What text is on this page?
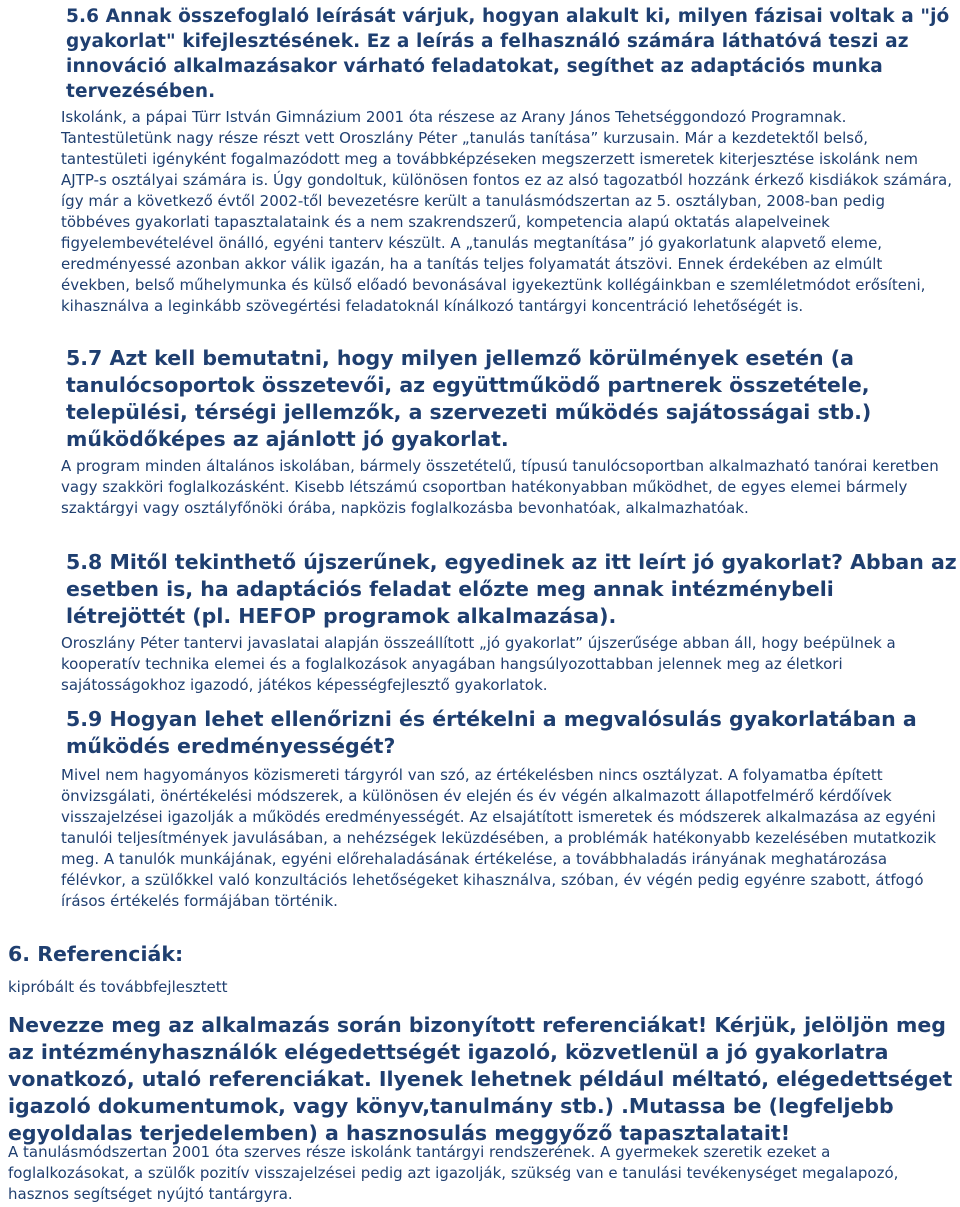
5.6 Annak összefoglaló leírását várjuk, hogyan alakult ki, milyen fázisai voltak a "jó gyakorlat" kifejlesztésének. Ez a leírás a felhasználó számára láthatóvá teszi az innováció alkalmazásakor várható feladatokat, segíthet az adaptációs munka tervezésében.

Iskolánk, a pápai Türr István Gimnázium 2001 óta részese az Arany János Tehetséggondozó Programnak. Tantestületünk nagy része részt vett Oroszlány Péter „tanulás tanítása” kurzusain. Már a kezdetektől belső, tantestületi igényként fogalmazódott meg a továbbképzéseken megszerzett ismeretek kiterjesztése iskolánk nem AJTP-s osztályai számára is. Úgy gondoltuk, különösen fontos ez az alsó tagozatból hozzánk érkező kisdiákok számára, így már a következő évtől 2002-től bevezetésre került a tanulásmódszertan az 5. osztályban, 2008-ban pedig többéves gyakorlati tapasztalataink és a nem szakrendszerű, kompetencia alapú oktatás alapelveinek figyelembevételével önálló, egyéni tanterv készült. A „tanulás megtanítása” jó gyakorlatunk alapvető eleme, eredményessé azonban akkor válik igazán, ha a tanítás teljes folyamatát átszövi. Ennek érdekében az elmúlt években, belső műhelymunka és külső előadó bevonásával igyekeztünk kollégáinkban e szemléletmódot erősíteni, kihasználva a leginkább szövegértési feladatoknál kínálkozó tantárgyi koncentráció lehetőségét is.

5.7 Azt kell bemutatni, hogy milyen jellemző körülmények esetén (a tanulócsoportok összetevői, az együttműködő partnerek összetétele, települési, térségi jellemzők, a szervezeti működés sajátosságai stb.) működőképes az ajánlott jó gyakorlat.

A program minden általános iskolában, bármely összetételű, típusú tanulócsoportban alkalmazható tanórai keretben vagy szakköri foglalkozásként. Kisebb létszámú csoportban hatékonyabban működhet, de egyes elemei bármely szaktárgyi vagy osztályfőnöki órába, napközis foglalkozásba bevonhatóak, alkalmazhatóak.

5.8 Mitől tekinthető újszerűnek, egyedinek az itt leírt jó gyakorlat? Abban az esetben is, ha adaptációs feladat előzte meg annak intézménybeli létrejöttét (pl. HEFOP programok alkalmazása).

Oroszlány Péter tantervi javaslatai alapján összeállított „jó gyakorlat” újszerűsége abban áll, hogy beépülnek a kooperatív technika elemei és a foglalkozások anyagában hangsúlyozottabban jelennek meg az életkori sajátosságokhoz igazodó, játékos képességfejlesztő gyakorlatok.

5.9 Hogyan lehet ellenőrizni és értékelni a megvalósulás gyakorlatában a működés eredményességét?

Mivel nem hagyományos közismereti tárgyról van szó, az értékelésben nincs osztályzat. A folyamatba épített önvizsgálati, önértékelési módszerek, a különösen év elején és év végén alkalmazott állapotfelmérő kérdőívek visszajelzései igazolják a működés eredményességét. Az elsajátított ismeretek és módszerek alkalmazása az egyéni tanulói teljesítmények javulásában, a nehézségek leküzdésében, a problémák hatékonyabb kezelésében mutatkozik meg. A tanulók munkájának, egyéni előrehaladásának értékelése, a továbbhaladás irányának meghatározása félévkor, a szülőkkel való konzultációs lehetőségeket kihasználva, szóban, év végén pedig egyénre szabott, átfogó írásos értékelés formájában történik.

6. Referenciák:

kipróbált és továbbfejlesztett

Nevezze meg az alkalmazás során bizonyított referenciákat! Kérjük, jelöljön meg az intézményhasználók elégedettségét igazoló, közvetlenül a jó gyakorlatra vonatkozó, utaló referenciákat. Ilyenek lehetnek például méltató, elégedettséget igazoló dokumentumok, vagy könyv,tanulmány stb.) .Mutassa be (legfeljebb egyoldalas terjedelemben) a hasznosulás meggyőző tapasztalatait!

A tanulásmódszertan 2001 óta szerves része iskolánk tantárgyi rendszerének. A gyermekek szeretik ezeket a foglalkozásokat, a szülők pozitív visszajelzései pedig azt igazolják, szükség van e tanulási tevékenységet megalapozó, hasznos segítséget nyújtó tantárgyra.
